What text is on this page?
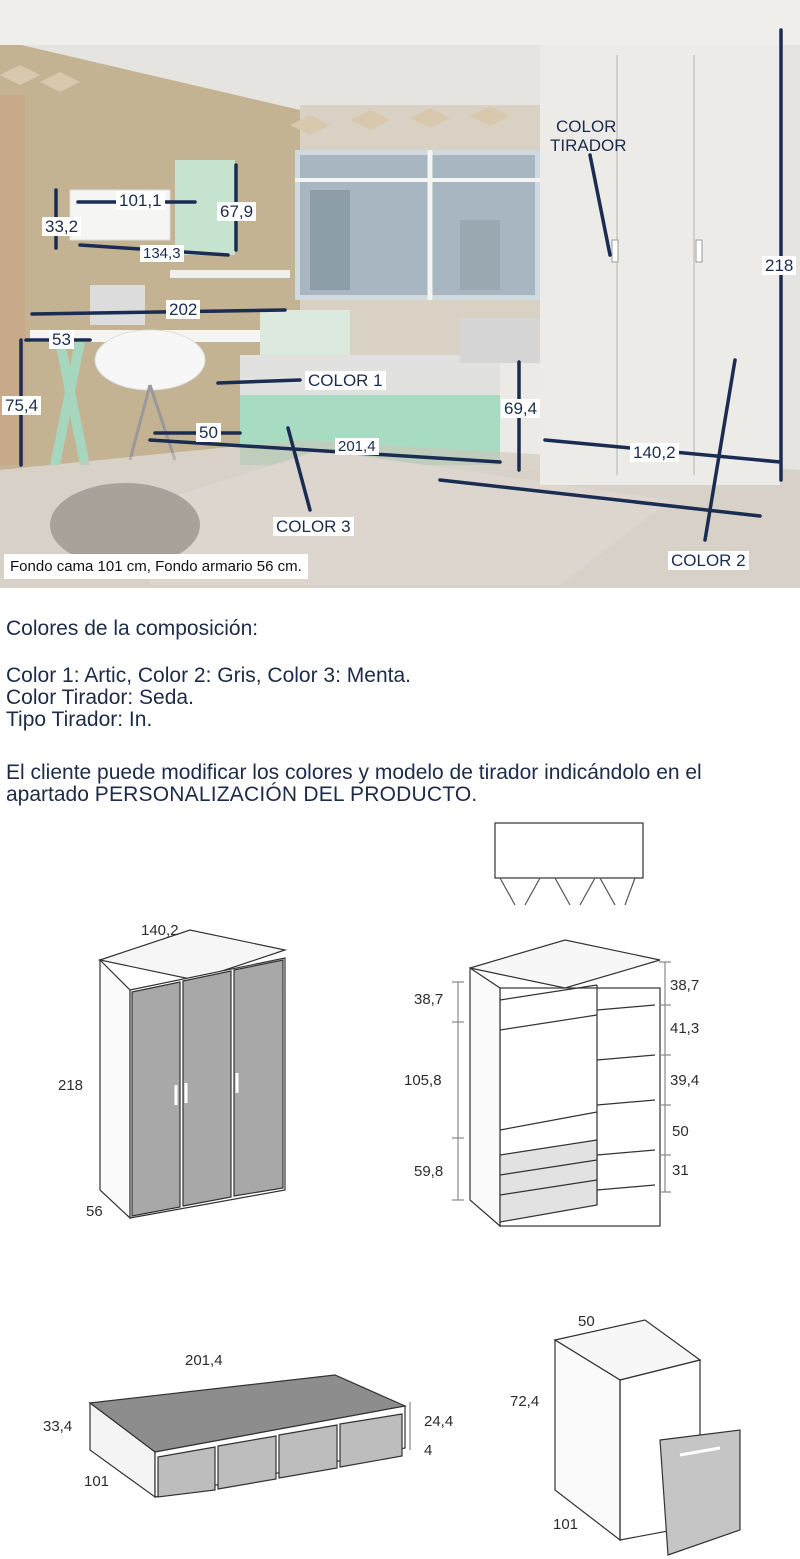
COLOR
TIRADOR
101,1
33,2
67,9
134,3
202
53
75,4
COLOR 1
69,4
50
201,4	140,2
218
COLOR 3
COLOR 2
Fondo cama 101 cm, Fondo armario 56 cm.
Colores de la composición:
Color 1: Artic, Color 2: Gris, Color 3: Menta.
Color Tirador: Seda.
Tipo Tirador: In.
El cliente puede modificar los colores y modelo de tirador indicándolo en el apartado PERSONALIZACIÓN DEL PRODUCTO.
140,2
218
56
38,7
105,8
59,8
38,7
41,3
39,4
50
31
201,4
33,4
101
24,4
4
50
72,4
101
